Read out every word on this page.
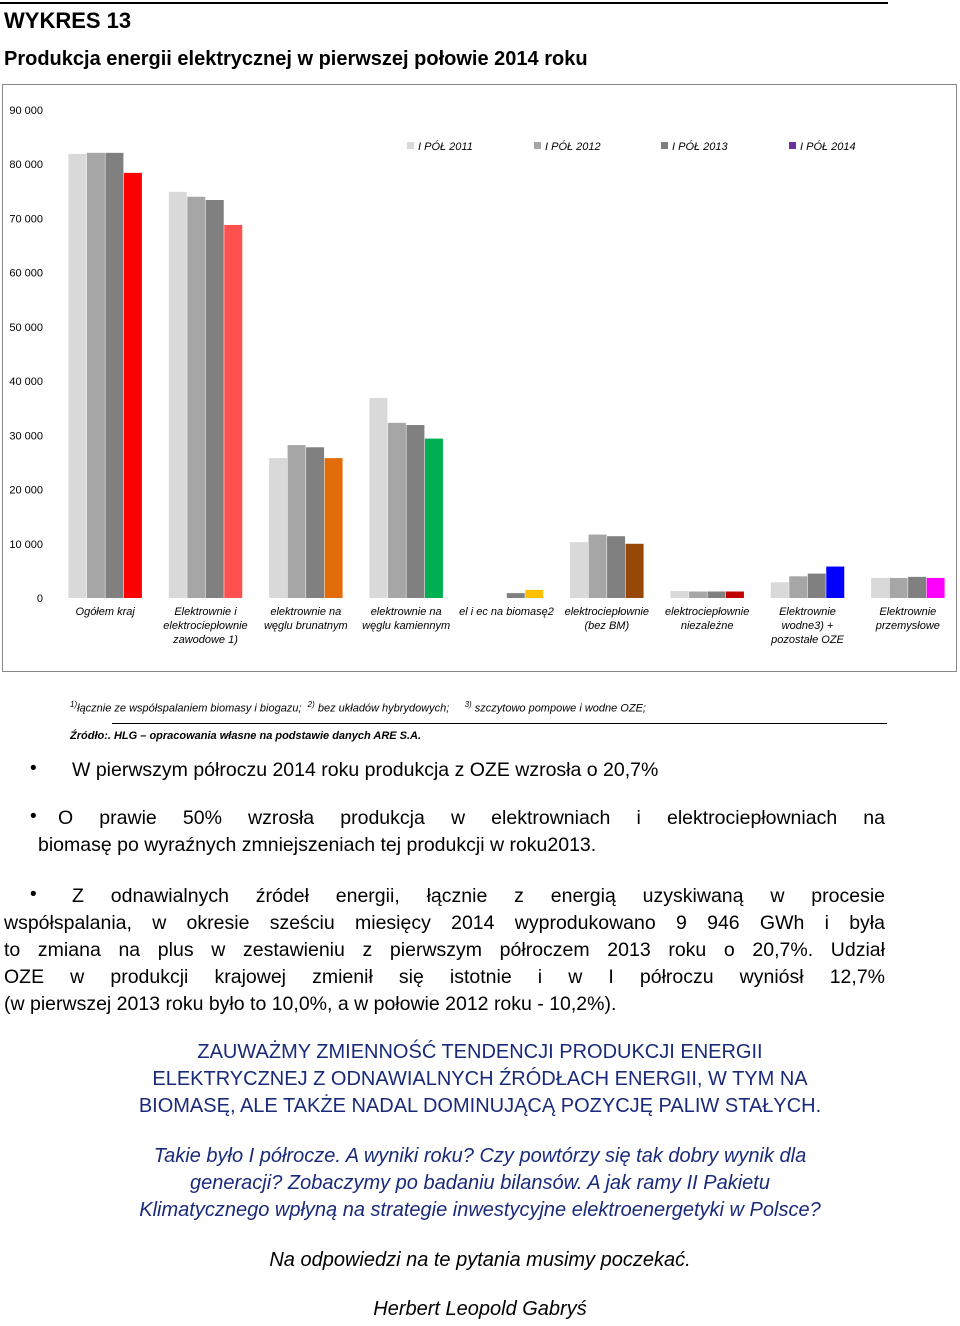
WYKRES 13
Produkcja energii elektrycznej w pierwszej połowie 2014 roku
0
10 000
20 000
30 000
40 000
50 000
60 000
70 000
80 000
90 000
Ogółem kraj	Elektrownie i elektrociepłownie zawodowe 1)
elektrownie na węglu brunatnym
elektrownie na węglu kamiennym
el i ec na biomasę2 elektrociepłownie (bez BM)
elektrociepłownie niezależne
Elektrownie wodne3) + pozostałe OZE
Elektrownie przemysłowe
I PÓŁ 2011	I PÓŁ 2012	I PÓŁ 2013	I PÓŁ 2014
$^{1)}$łącznie ze współspalaniem biomasy i biogazu; $^{2)}$ bez układów hybrydowych; $^{3)}$ szczytowo pompowe i wodne OZE;
Źródło:. HLG – opracowania własne na podstawie danych ARE S.A.
• W pierwszym półroczu 2014 roku produkcja z OZE wzrosła o 20,7%
• O prawie 50% wzrosła produkcja w elektrowniach i elektrociepłowniach na
biomasę po wyraźnych zmniejszeniach tej produkcji w roku2013.
• Z odnawialnych źródeł energii, łącznie z energią uzyskiwaną w procesie
współspalania, w okresie sześciu miesięcy 2014 wyprodukowano 9 946 GWh i była
to zmiana na plus w zestawieniu z pierwszym półroczem 2013 roku o 20,7%. Udział
OZE w produkcji krajowej zmienił się istotnie i w I półroczu wyniósł 12,7%
(w pierwszej 2013 roku było to 10,0%, a w połowie 2012 roku - 10,2%).
ZAUWAŻMY ZMIENNOŚĆ TENDENCJI PRODUKCJI ENERGII
ELEKTRYCZNEJ Z ODNAWIALNYCH ŹRÓDŁACH ENERGII, W TYM NA
BIOMASĘ, ALE TAKŻE NADAL DOMINUJĄCĄ POZYCJĘ PALIW STAŁYCH.
Takie było I półrocze. A wyniki roku? Czy powtórzy się tak dobry wynik dla
generacji? Zobaczymy po badaniu bilansów. A jak ramy II Pakietu
Klimatycznego wpłyną na strategie inwestycyjne elektroenergetyki w Polsce?
Na odpowiedzi na te pytania musimy poczekać.
Herbert Leopold Gabryś
